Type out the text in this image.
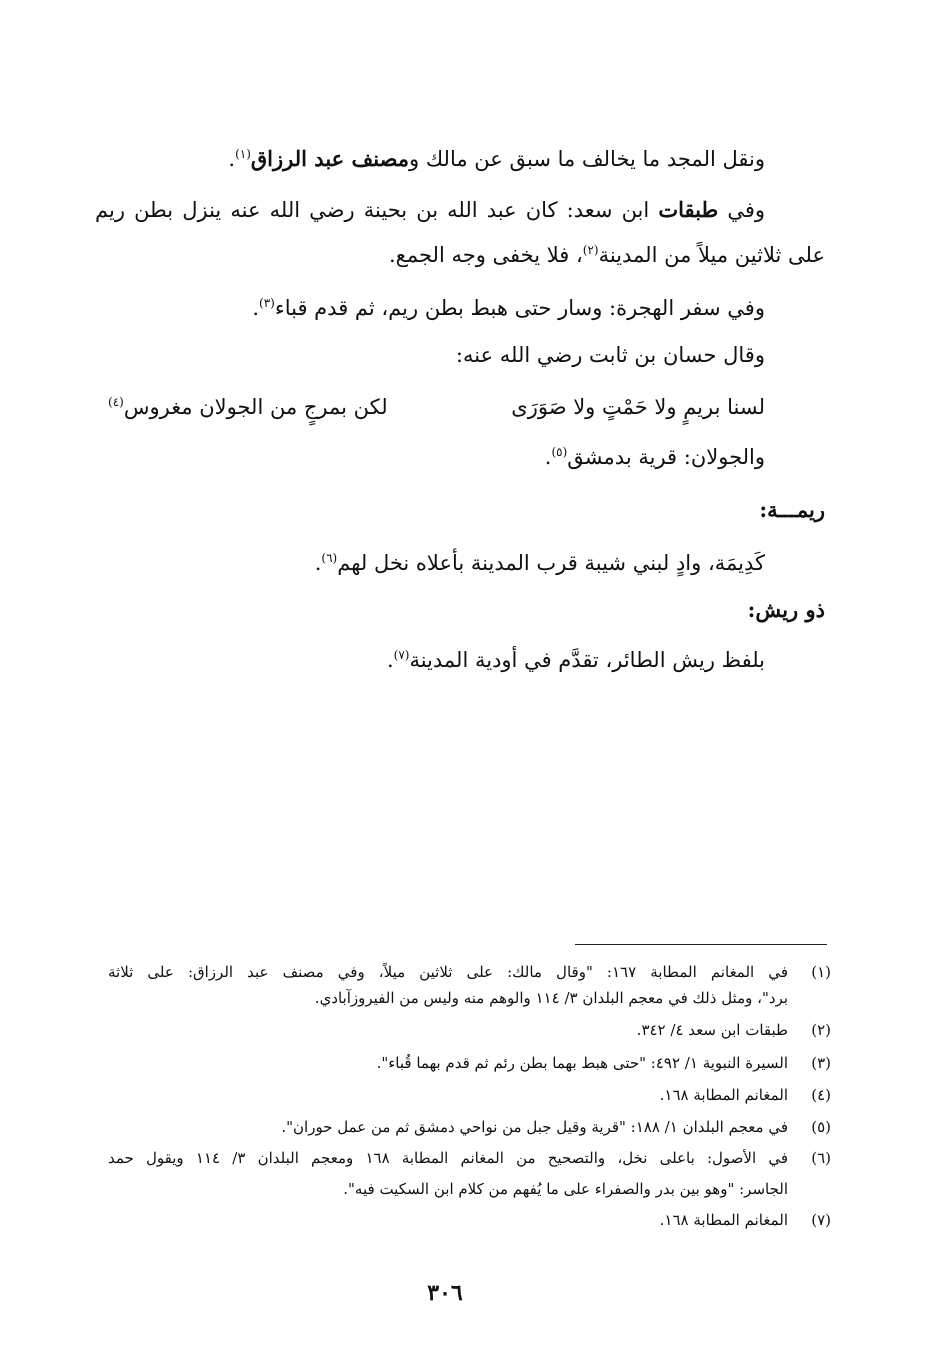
ونقل المجد ما يخالف ما سبق عن مالك ومصنف عبد الرزاق$^{(١)}$.
وفي طبقات ابن سعد: كان عبد الله بن بحينة رضي الله عنه ينزل بطن ريم
على ثلاثين ميلاً من المدينة$^{(٢)}$، فلا يخفى وجه الجمع.
وفي سفر الهجرة: وسار حتى هبط بطن ريم، ثم قدم قباء$^{(٣)}$.
وقال حسان بن ثابت رضي الله عنه:
لسنا بريمٍ ولا حَمْتٍ ولا صَوَرَى
لكن بمرجٍ من الجولان مغروس$^{(٤)}$
والجولان: قرية بدمشق$^{(٥)}$.
ريمـــة:
كَدِيمَة، وادٍ لبني شيبة قرب المدينة بأعلاه نخل لهم$^{(٦)}$.
ذو ريش:
بلفظ ريش الطائر، تقدَّم في أودية المدينة$^{(٧)}$.
(١)
في المغانم المطابة ١٦٧: "وقال مالك: على ثلاثين ميلاً، وفي مصنف عبد الرزاق: على ثلاثة
برد"، ومثل ذلك في معجم البلدان ٣/ ١١٤ والوهم منه وليس من الفيروزآبادي.
(٢)
طبقات ابن سعد ٤/ ٣٤٢.
(٣)
السيرة النبوية ١/ ٤٩٢: "حتى هبط بهما بطن رئم ثم قدم بهما قُباء".
(٤)
المغانم المطابة ١٦٨.
(٥)
في معجم البلدان ١/ ١٨٨: "قرية وقيل جبل من نواحي دمشق ثم من عمل حوران".
(٦)
في الأصول: باعلى نخل، والتصحيح من المغانم المطابة ١٦٨ ومعجم البلدان ٣/ ١١٤ ويقول حمد
الجاسر: "وهو بين بدر والصفراء على ما يُفهم من كلام ابن السكيت فيه".
(٧)
المغانم المطابة ١٦٨.
٣٠٦
